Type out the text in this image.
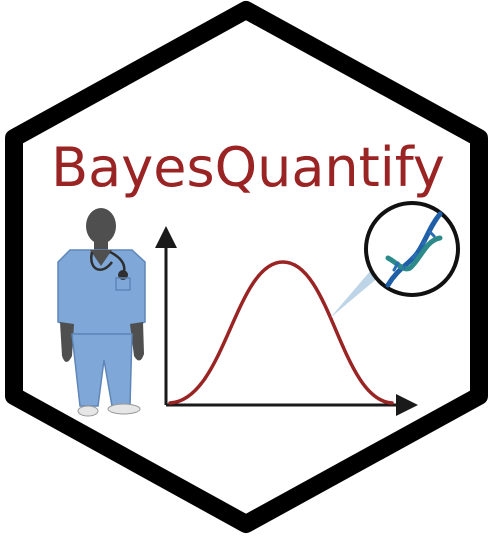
BayesQuantify
